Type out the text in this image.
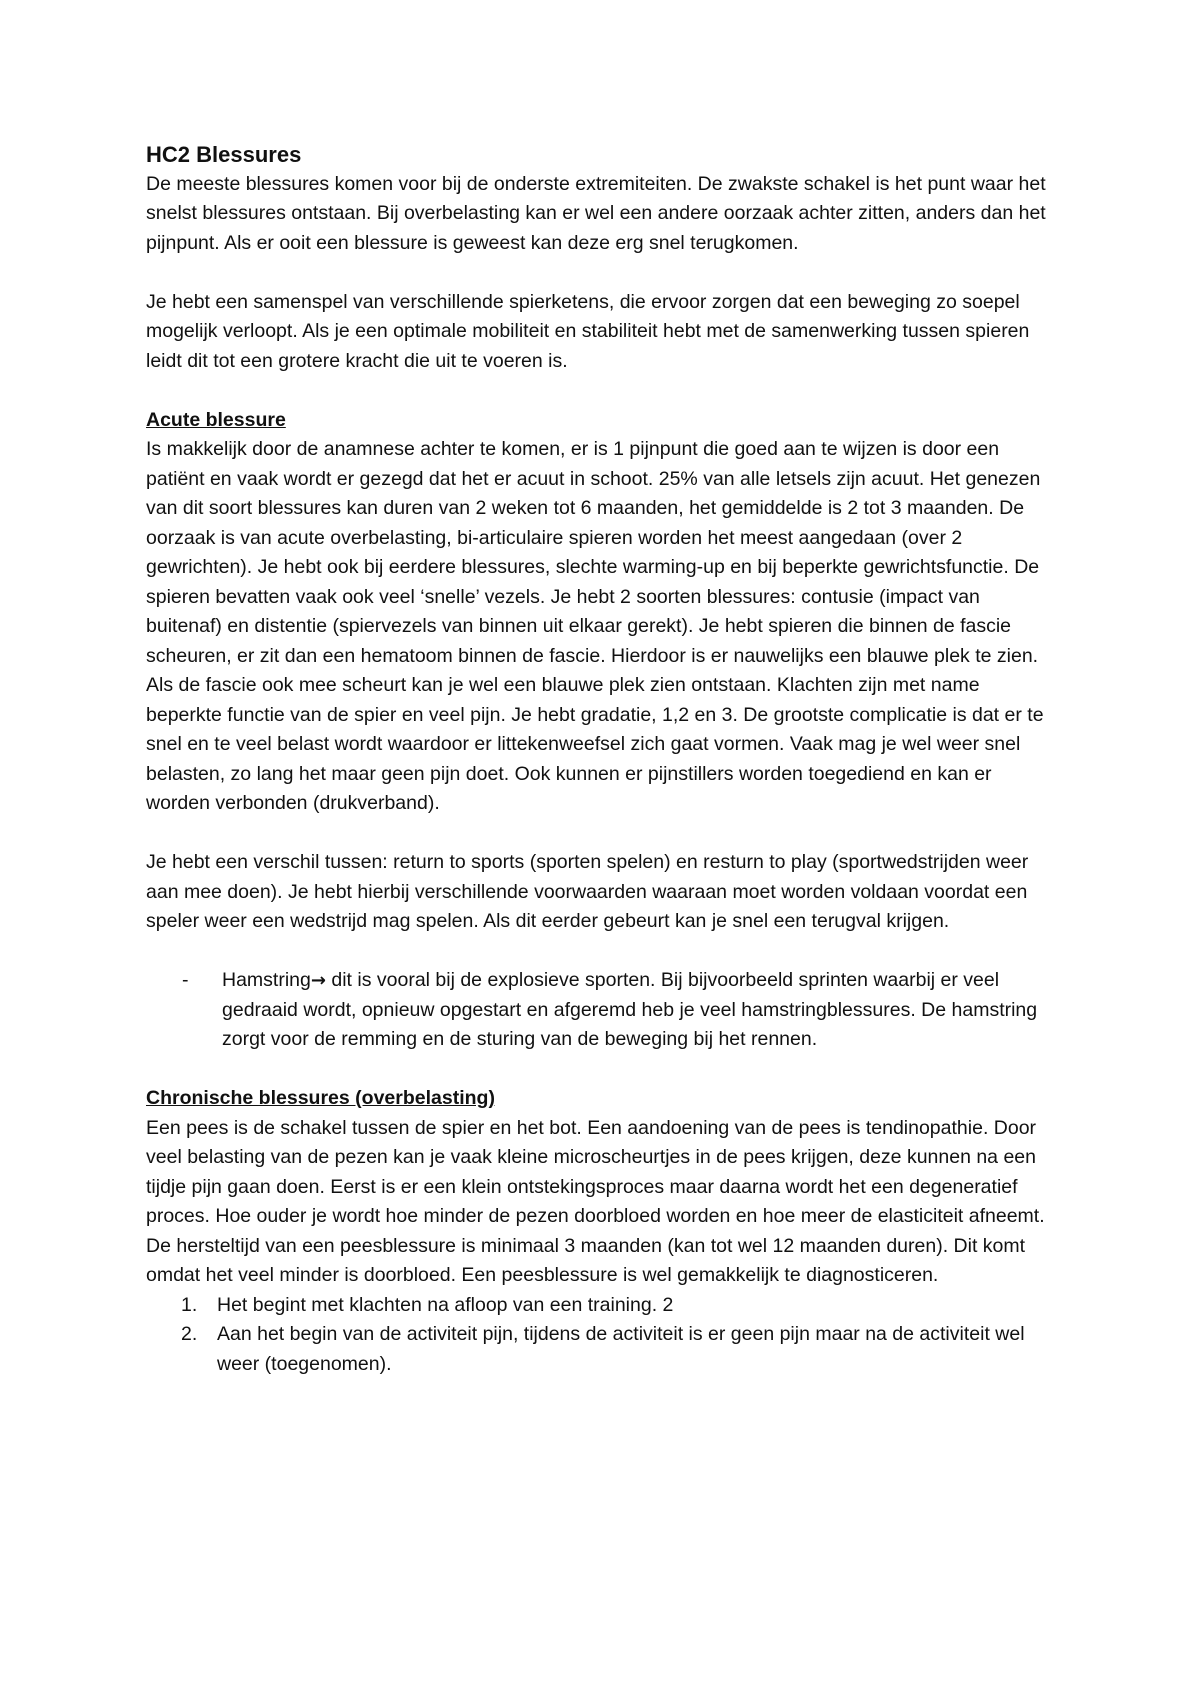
HC2 Blessures

De meeste blessures komen voor bij de onderste extremiteiten. De zwakste schakel is het punt waar het snelst blessures ontstaan. Bij overbelasting kan er wel een andere oorzaak achter zitten, anders dan het pijnpunt. Als er ooit een blessure is geweest kan deze erg snel terugkomen.

Je hebt een samenspel van verschillende spierketens, die ervoor zorgen dat een beweging zo soepel mogelijk verloopt. Als je een optimale mobiliteit en stabiliteit hebt met de samenwerking tussen spieren leidt dit tot een grotere kracht die uit te voeren is.

Acute blessure

Is makkelijk door de anamnese achter te komen, er is 1 pijnpunt die goed aan te wijzen is door een patiënt en vaak wordt er gezegd dat het er acuut in schoot. 25% van alle letsels zijn acuut. Het genezen van dit soort blessures kan duren van 2 weken tot 6 maanden, het gemiddelde is 2 tot 3 maanden. De oorzaak is van acute overbelasting, bi-articulaire spieren worden het meest aangedaan (over 2 gewrichten). Je hebt ook bij eerdere blessures, slechte warming-up en bij beperkte gewrichtsfunctie. De spieren bevatten vaak ook veel ‘snelle’ vezels. Je hebt 2 soorten blessures: contusie (impact van buitenaf) en distentie (spiervezels van binnen uit elkaar gerekt). Je hebt spieren die binnen de fascie scheuren, er zit dan een hematoom binnen de fascie. Hierdoor is er nauwelijks een blauwe plek te zien. Als de fascie ook mee scheurt kan je wel een blauwe plek zien ontstaan. Klachten zijn met name beperkte functie van de spier en veel pijn. Je hebt gradatie, 1,2 en 3. De grootste complicatie is dat er te snel en te veel belast wordt waardoor er littekenweefsel zich gaat vormen. Vaak mag je wel weer snel belasten, zo lang het maar geen pijn doet. Ook kunnen er pijnstillers worden toegediend en kan er worden verbonden (drukverband).

Je hebt een verschil tussen: return to sports (sporten spelen) en resturn to play (sportwedstrijden weer aan mee doen). Je hebt hierbij verschillende voorwaarden waaraan moet worden voldaan voordat een speler weer een wedstrijd mag spelen. Als dit eerder gebeurt kan je snel een terugval krijgen.

-	Hamstring→ dit is vooral bij de explosieve sporten. Bij bijvoorbeeld sprinten waarbij er veel gedraaid wordt, opnieuw opgestart en afgeremd heb je veel hamstringblessures. De hamstring zorgt voor de remming en de sturing van de beweging bij het rennen.

Chronische blessures (overbelasting)

Een pees is de schakel tussen de spier en het bot. Een aandoening van de pees is tendinopathie. Door veel belasting van de pezen kan je vaak kleine microscheurtjes in de pees krijgen, deze kunnen na een tijdje pijn gaan doen. Eerst is er een klein ontstekingsproces maar daarna wordt het een degeneratief proces. Hoe ouder je wordt hoe minder de pezen doorbloed worden en hoe meer de elasticiteit afneemt. De hersteltijd van een peesblessure is minimaal 3 maanden (kan tot wel 12 maanden duren). Dit komt omdat het veel minder is doorbloed. Een peesblessure is wel gemakkelijk te diagnosticeren.

1.	Het begint met klachten na afloop van een training. 2
2.	Aan het begin van de activiteit pijn, tijdens de activiteit is er geen pijn maar na de activiteit wel weer (toegenomen).
